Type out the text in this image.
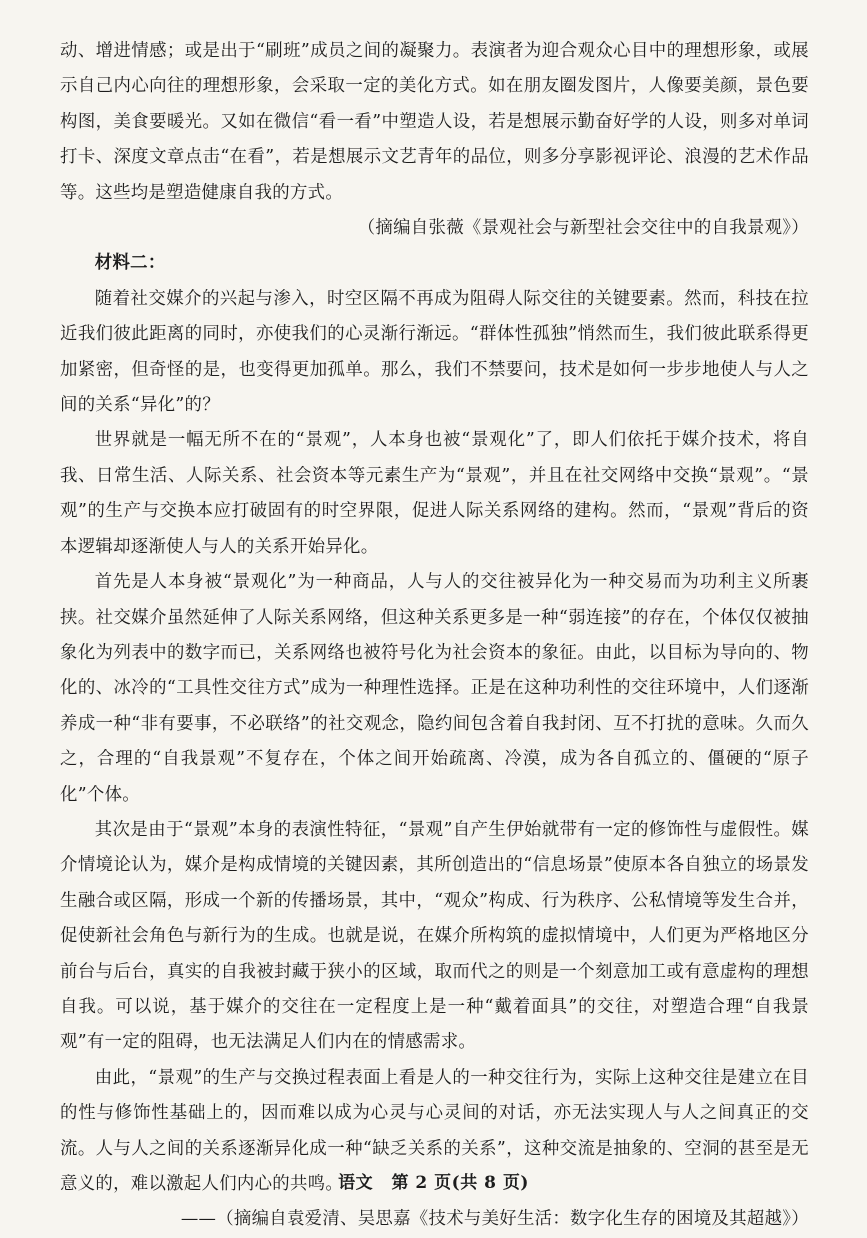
动、增进情感；或是出于“刷班”成员之间的凝聚力。表演者为迎合观众心目中的理想形象，或展示自己内心向往的理想形象，会采取一定的美化方式。如在朋友圈发图片，人像要美颜，景色要构图，美食要暖光。又如在微信“看一看”中塑造人设，若是想展示勤奋好学的人设，则多对单词打卡、深度文章点击“在看”，若是想展示文艺青年的品位，则多分享影视评论、浪漫的艺术作品等。这些均是塑造健康自我的方式。

（摘编自张薇《景观社会与新型社会交往中的自我景观》）

材料二：

随着社交媒介的兴起与渗入，时空区隔不再成为阻碍人际交往的关键要素。然而，科技在拉近我们彼此距离的同时，亦使我们的心灵渐行渐远。“群体性孤独”悄然而生，我们彼此联系得更加紧密，但奇怪的是，也变得更加孤单。那么，我们不禁要问，技术是如何一步步地使人与人之间的关系“异化”的？

世界就是一幅无所不在的“景观”，人本身也被“景观化”了，即人们依托于媒介技术，将自我、日常生活、人际关系、社会资本等元素生产为“景观”，并且在社交网络中交换“景观”。“景观”的生产与交换本应打破固有的时空界限，促进人际关系网络的建构。然而，“景观”背后的资本逻辑却逐渐使人与人的关系开始异化。

首先是人本身被“景观化”为一种商品，人与人的交往被异化为一种交易而为功利主义所裹挟。社交媒介虽然延伸了人际关系网络，但这种关系更多是一种“弱连接”的存在，个体仅仅被抽象化为列表中的数字而已，关系网络也被符号化为社会资本的象征。由此，以目标为导向的、物化的、冰冷的“工具性交往方式”成为一种理性选择。正是在这种功利性的交往环境中，人们逐渐养成一种“非有要事，不必联络”的社交观念，隐约间包含着自我封闭、互不打扰的意味。久而久之，合理的“自我景观”不复存在，个体之间开始疏离、冷漠，成为各自孤立的、僵硬的“原子化”个体。

其次是由于“景观”本身的表演性特征，“景观”自产生伊始就带有一定的修饰性与虚假性。媒介情境论认为，媒介是构成情境的关键因素，其所创造出的“信息场景”使原本各自独立的场景发生融合或区隔，形成一个新的传播场景，其中，“观众”构成、行为秩序、公私情境等发生合并，促使新社会角色与新行为的生成。也就是说，在媒介所构筑的虚拟情境中，人们更为严格地区分前台与后台，真实的自我被封藏于狭小的区域，取而代之的则是一个刻意加工或有意虚构的理想自我。可以说，基于媒介的交往在一定程度上是一种“戴着面具”的交往，对塑造合理“自我景观”有一定的阻碍，也无法满足人们内在的情感需求。

由此，“景观”的生产与交换过程表面上看是人的一种交往行为，实际上这种交往是建立在目的性与修饰性基础上的，因而难以成为心灵与心灵间的对话，亦无法实现人与人之间真正的交流。人与人之间的关系逐渐异化成一种“缺乏关系的关系”，这种交流是抽象的、空洞的甚至是无意义的，难以激起人们内心的共鸣。

——（摘编自袁爱清、吴思嘉《技术与美好生活：数字化生存的困境及其超越》）

语文 第 2 页(共 8 页)
